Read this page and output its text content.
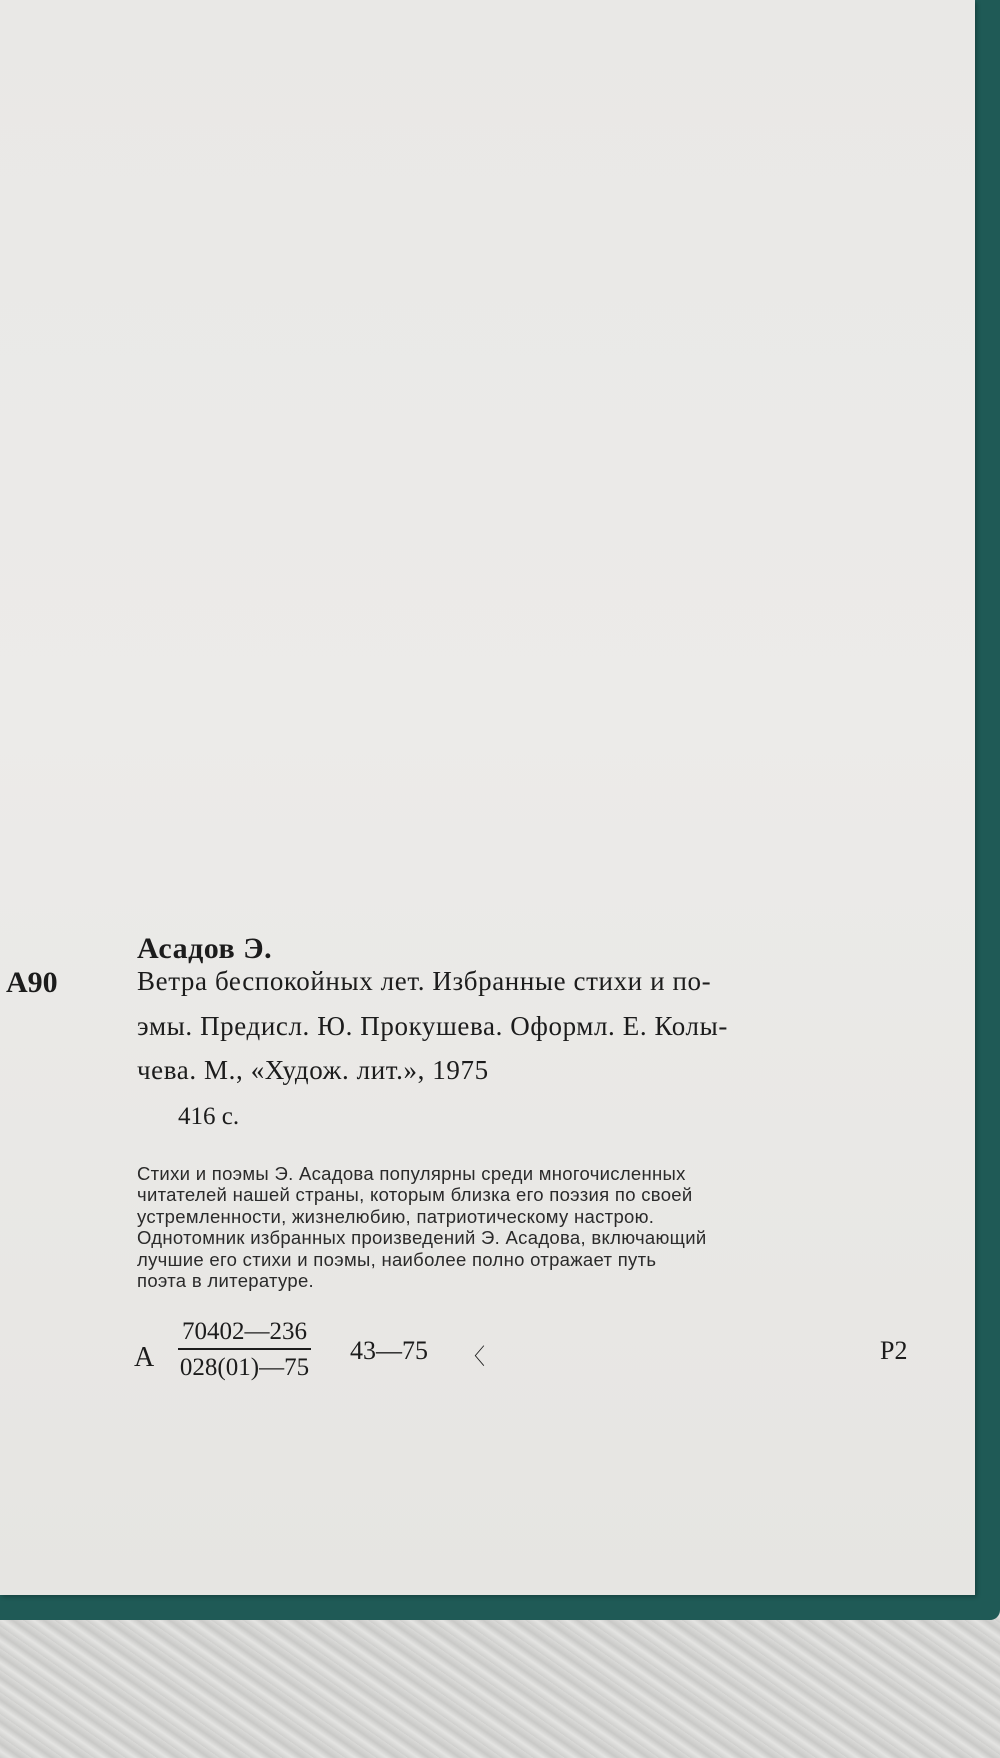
Асадов Э.
А90	Ветра беспокойных лет. Избранные стихи и по-
эмы. Предисл. Ю. Прокушева. Оформл. Е. Колы-
чева. М., «Худож. лит.», 1975
416 с.
Стихи и поэмы Э. Асадова популярны среди многочисленных
читателей нашей страны, которым близка его поэзия по своей
устремленности, жизнелюбию, патриотическому настрою.
Однотомник избранных произведений Э. Асадова, включающий
лучшие его стихи и поэмы, наиболее полно отражает путь
поэта в литературе.
А $\frac{70402—236}{028(01)—75}$ 43—75 〈	Р2
